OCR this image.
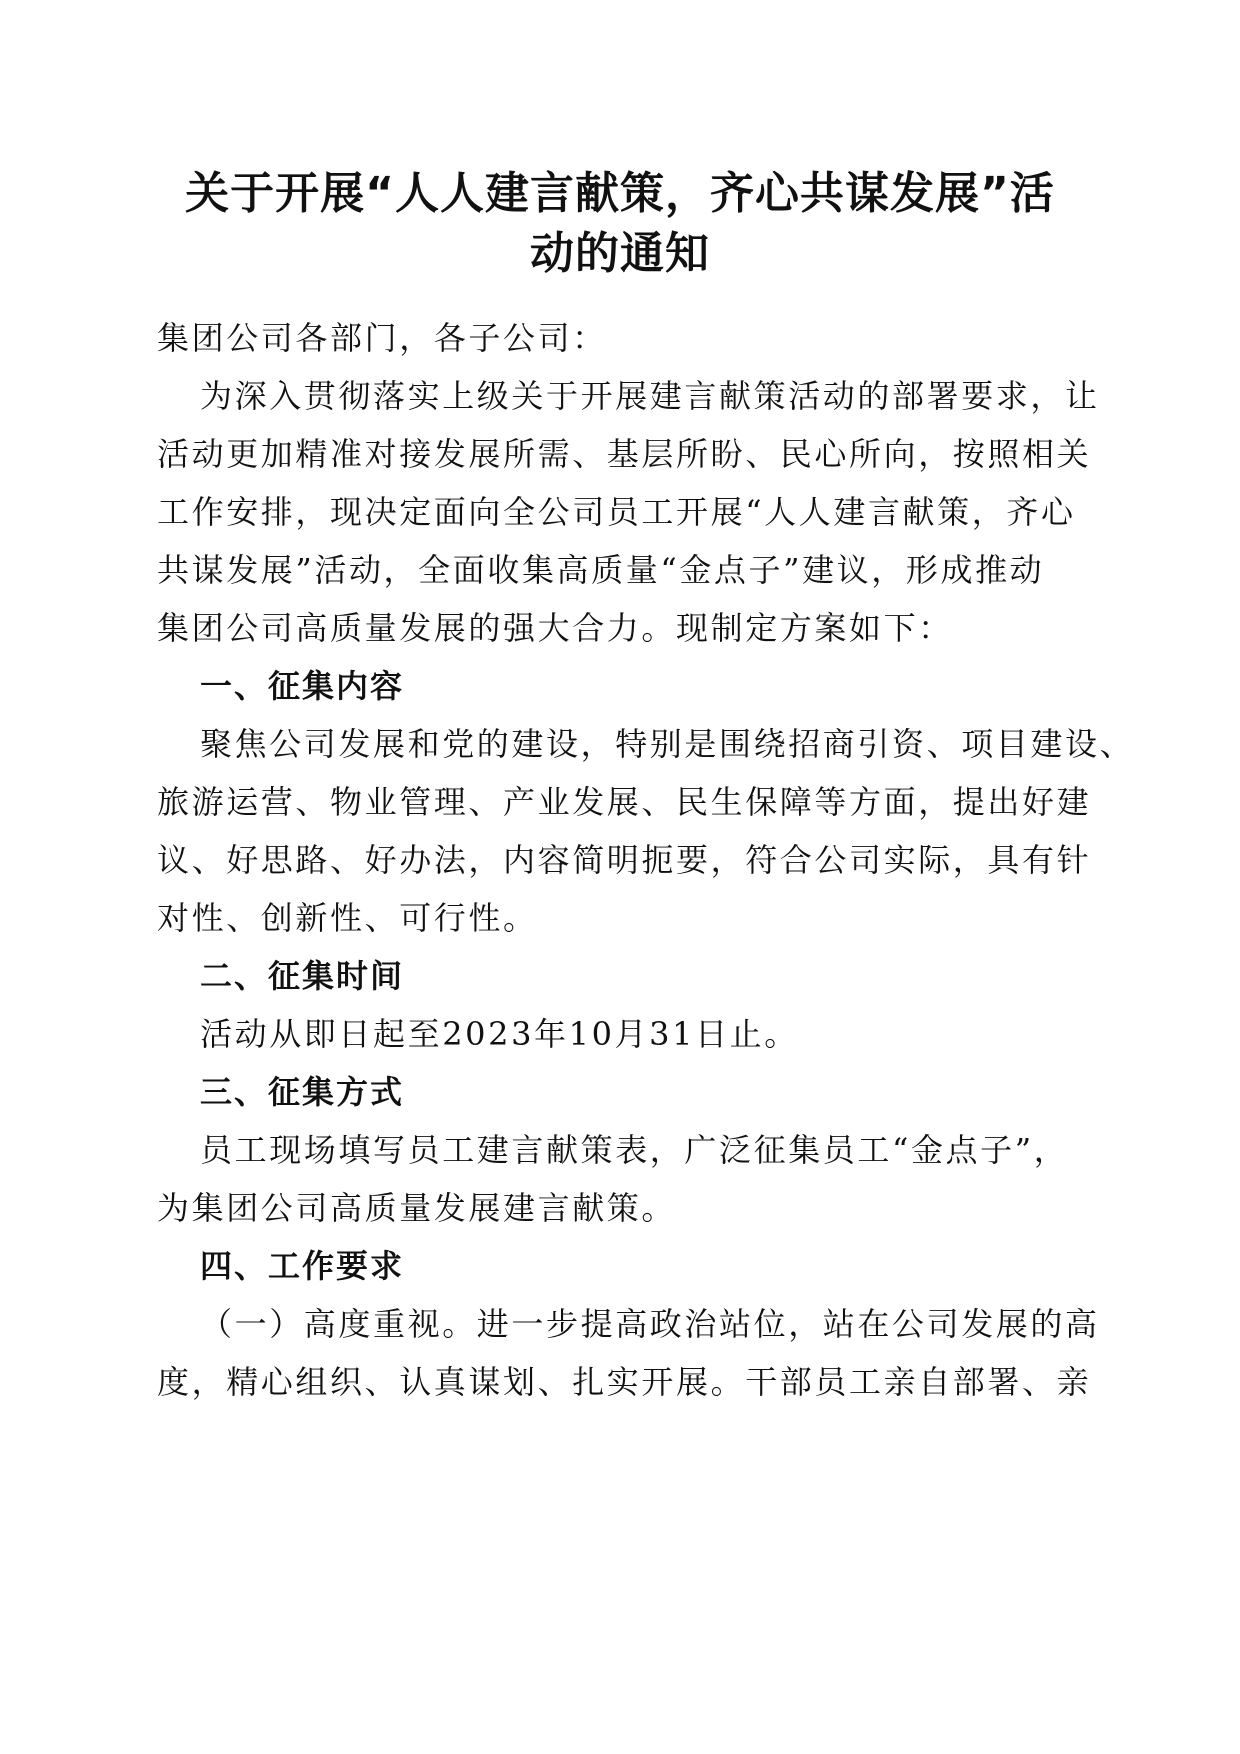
关于开展“人人建言献策，齐心共谋发展”活
动的通知
集团公司各部门，各子公司：
为深入贯彻落实上级关于开展建言献策活动的部署要求，让
活动更加精准对接发展所需、基层所盼、民心所向，按照相关
工作安排，现决定面向全公司员工开展“人人建言献策，齐心
共谋发展”活动，全面收集高质量“金点子”建议，形成推动
集团公司高质量发展的强大合力。现制定方案如下：
一、征集内容
聚焦公司发展和党的建设，特别是围绕招商引资、项目建设、
旅游运营、物业管理、产业发展、民生保障等方面，提出好建
议、好思路、好办法，内容简明扼要，符合公司实际，具有针
对性、创新性、可行性。
二、征集时间
活动从即日起至2023年10月31日止。
三、征集方式
员工现场填写员工建言献策表，广泛征集员工“金点子”，
为集团公司高质量发展建言献策。
四、工作要求
（一）高度重视。进一步提高政治站位，站在公司发展的高
度，精心组织、认真谋划、扎实开展。干部员工亲自部署、亲
